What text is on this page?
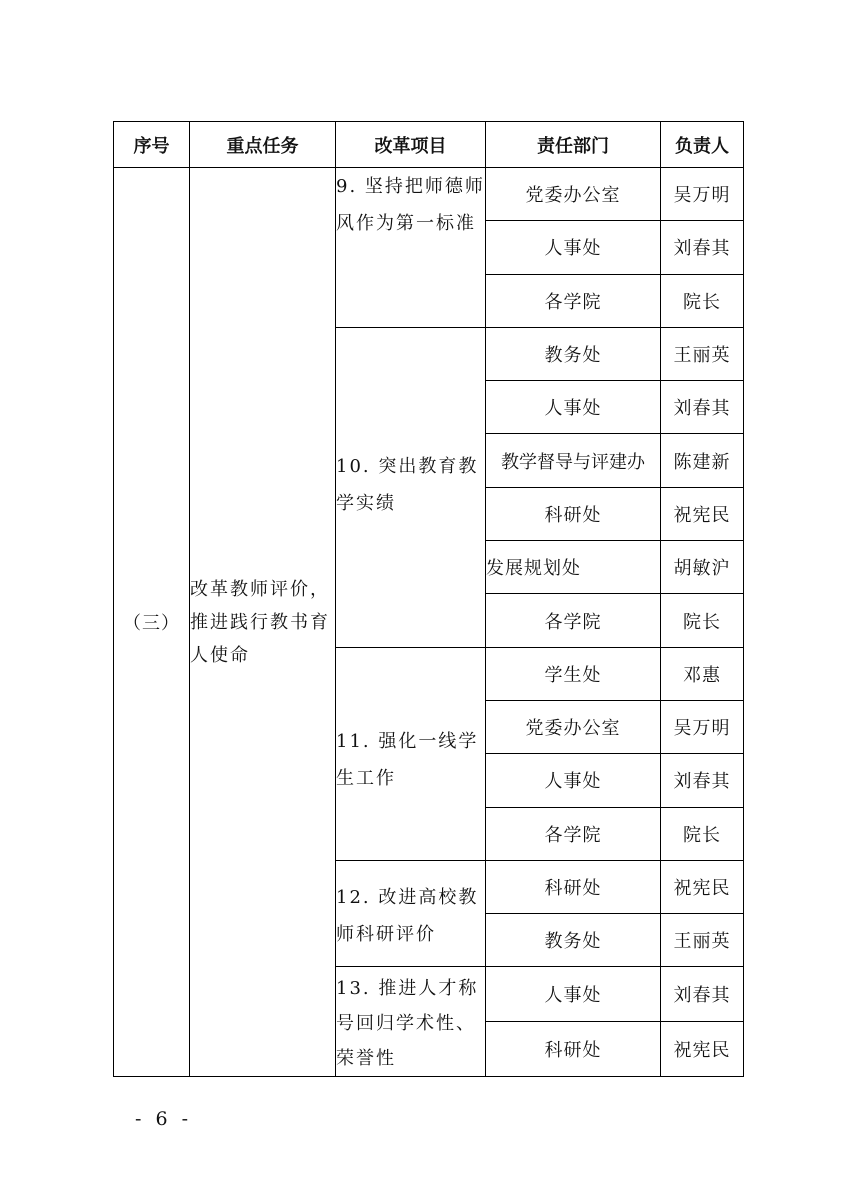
序号	重点任务	改革项目	责任部门	负责人
（三）	改革教师评价，推进践行教书育人使命	9. 坚持把师德师风作为第一标准	党委办公室	吴万明
			人事处	刘春其
			各学院	院长
		10. 突出教育教学实绩	教务处	王丽英
			人事处	刘春其
			教学督导与评建办	陈建新
			科研处	祝宪民
			发展规划处	胡敏沪
			各学院	院长
		11. 强化一线学生工作	学生处	邓惠
			党委办公室	吴万明
			人事处	刘春其
			各学院	院长
		12. 改进高校教师科研评价	科研处	祝宪民
			教务处	王丽英
		13. 推进人才称号回归学术性、荣誉性	人事处	刘春其
			科研处	祝宪民
- 6 -
